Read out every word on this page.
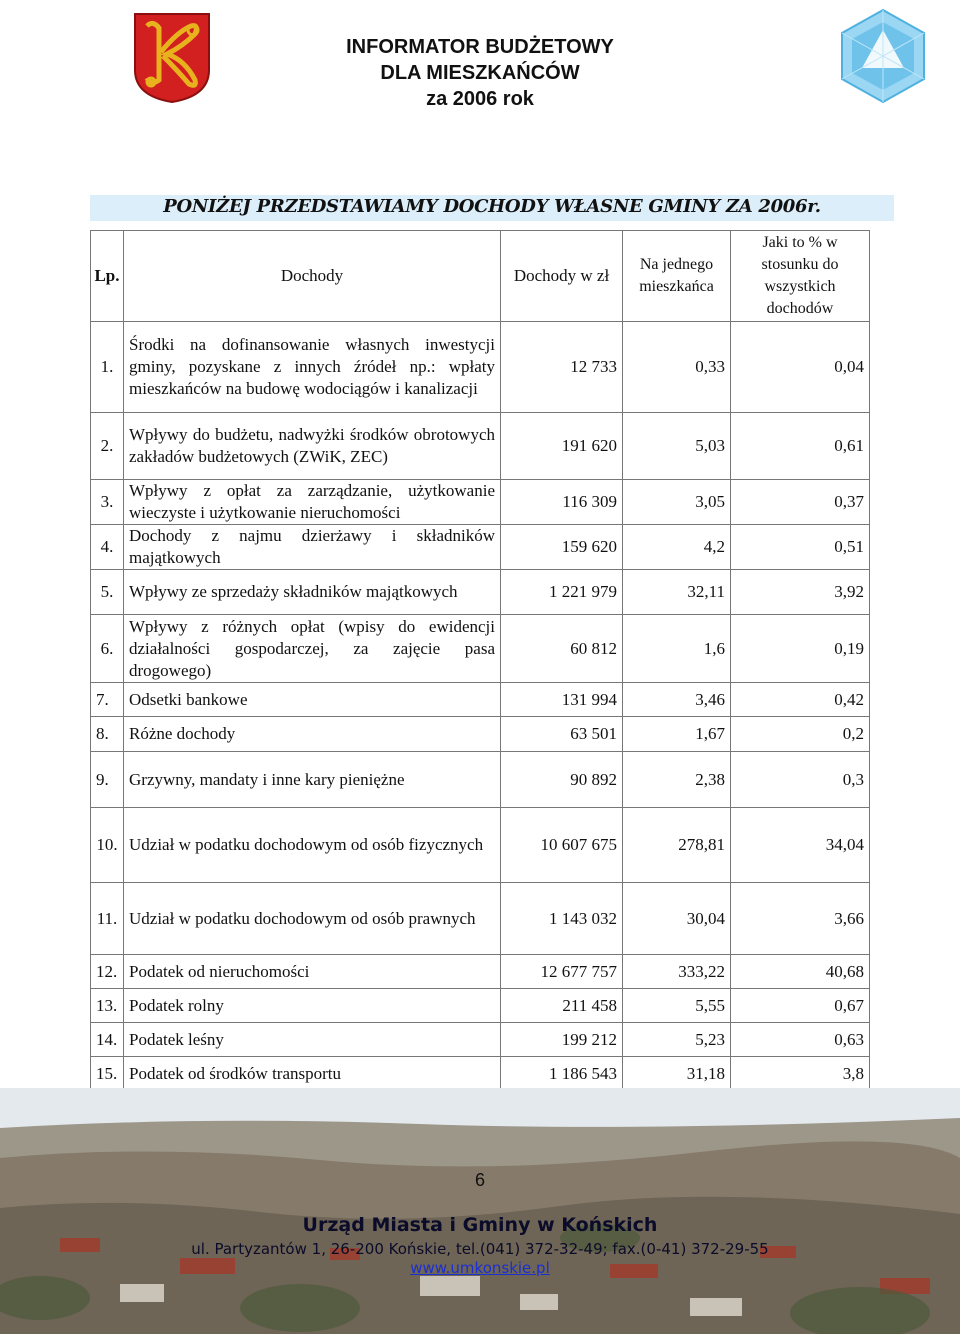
INFORMATOR BUDŻETOWY
DLA MIESZKAŃCÓW
za 2006 rok
PONIŻEJ PRZEDSTAWIAMY DOCHODY WŁASNE GMINY ZA 2006r.
Lp.	Dochody	Dochody w zł	Na jednego mieszkańca	Jaki to % w stosunku do wszystkich dochodów
1.	Środki na dofinansowanie własnych inwestycji gminy, pozyskane z innych źródeł np.: wpłaty mieszkańców na budowę wodociągów i kanalizacji	12 733	0,33	0,04
2.	Wpływy do budżetu, nadwyżki środków obrotowych zakładów budżetowych (ZWiK, ZEC)	191 620	5,03	0,61
3.	Wpływy z opłat za zarządzanie, użytkowanie wieczyste i użytkowanie nieruchomości	116 309	3,05	0,37
4.	Dochody z najmu dzierżawy i składników majątkowych	159 620	4,2	0,51
5.	Wpływy ze sprzedaży składników majątkowych	1 221 979	32,11	3,92
6.	Wpływy z różnych opłat (wpisy do ewidencji działalności gospodarczej, za zajęcie pasa drogowego)	60 812	1,6	0,19
7.	Odsetki bankowe	131 994	3,46	0,42
8.	Różne dochody	63 501	1,67	0,2
9.	Grzywny, mandaty i inne kary pieniężne	90 892	2,38	0,3
10.	Udział w podatku dochodowym od osób fizycznych	10 607 675	278,81	34,04
11.	Udział w podatku dochodowym od osób prawnych	1 143 032	30,04	3,66
12.	Podatek od nieruchomości	12 677 757	333,22	40,68
13.	Podatek rolny	211 458	5,55	0,67
14.	Podatek leśny	199 212	5,23	0,63
15.	Podatek od środków transportu	1 186 543	31,18	3,8
6
Urząd Miasta i Gminy w Końskich
ul. Partyzantów 1, 26-200 Końskie, tel.(041) 372-32-49; fax.(0-41) 372-29-55
www.umkonskie.pl
